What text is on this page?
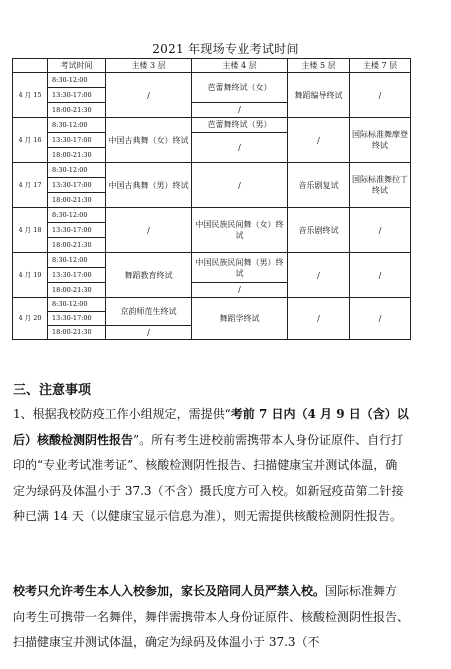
2021 年现场专业考试时间
	考试时间	主楼 3 层	主楼 4 层	主楼 5 层	主楼 7 层
4 月 15	8:30-12:00	/	芭蕾舞终试（女）	舞蹈编导终试	/
	13:30-17:00				
	18:00-21:30		/		
4 月 16	8:30-12:00	中国古典舞（女）终试	芭蕾舞终试（男）	/	国际标准舞摩登终试
	13:30-17:00		/		
	18:00-21:30				
4 月 17	8:30-12:00	中国古典舞（男）终试	/	音乐剧复试	国际标准舞拉丁终试
	13:30-17:00				
	18:00-21:30				
4 月 18	8:30-12:00	/	中国民族民间舞（女）终试	音乐剧终试	/
	13:30-17:00				
	18:00-21:30				
4 月 19	8:30-12:00	舞蹈教育终试	中国民族民间舞（男）终试	/	/
	13:30-17:00				
	18:00-21:30		/		
4 月 20	8:30-12:00	京韵师范生终试	舞蹈学终试	/	/
	13:30-17:00				
	18:00-21:30	/			
三、注意事项

1、根据我校防疫工作小组规定，需提供“考前 7 日内（4 月 9 日（含）以后）核酸检测阴性报告”。所有考生进校前需携带本人身份证原件、自行打印的“专业考试准考证”、核酸检测阴性报告、扫描健康宝并测试体温，确定为绿码及体温小于 37.3（不含）摄氏度方可入校。如新冠疫苗第二针接种已满 14 天（以健康宝显示信息为准），则无需提供核酸检测阴性报告。

校考只允许考生本人入校参加，家长及陪同人员严禁入校。国际标准舞方向考生可携带一名舞伴，舞伴需携带本人身份证原件、核酸检测阴性报告、扫描健康宝并测试体温，确定为绿码及体温小于 37.3（不
